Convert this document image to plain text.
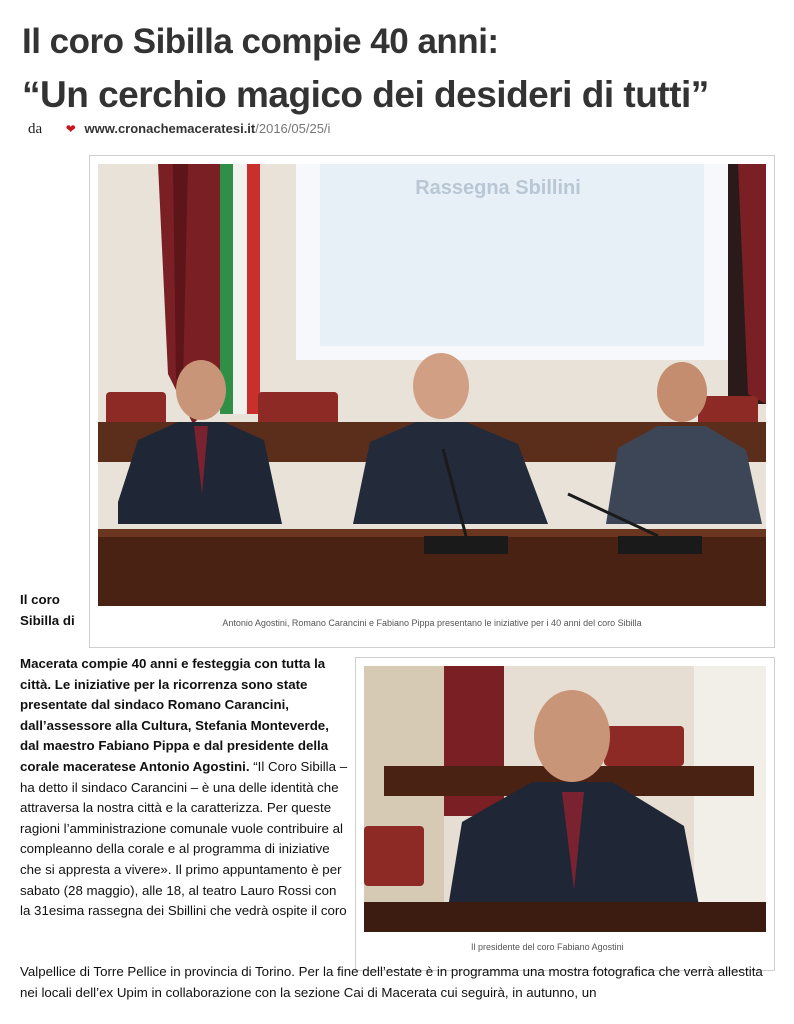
Il coro Sibilla compie 40 anni:
“Un cerchio magico dei desideri di tutti”
da ❤ www.cronachemaceratesi.it/2016/05/25/i
Rassegna Sbillini
Antonio Agostini, Romano Carancini e Fabiano Pippa presentano le iniziative per i 40 anni del coro Sibilla
Il presidente del coro Fabiano Agostini

Il coro Sibilla di

Macerata compie 40 anni e festeggia con tutta la città. Le iniziative per la ricorrenza sono state presentate dal sindaco Romano Carancini, dall’assessore alla Cultura, Stefania Monteverde, dal maestro Fabiano Pippa e dal presidente della corale maceratese Antonio Agostini. “Il Coro Sibilla – ha detto il sindaco Carancini – è una delle identità che attraversa la nostra città e la caratterizza. Per queste ragioni l’amministrazione comunale vuole contribuire al compleanno della corale e al programma di iniziative che si appresta a vivere». Il primo appuntamento è per sabato (28 maggio), alle 18, al teatro Lauro Rossi con la 31esima rassegna dei Sbillini che vedrà ospite il coro

Valpellice di Torre Pellice in provincia di Torino. Per la fine dell’estate è in programma una mostra fotografica che verrà allestita nei locali dell’ex Upim in collaborazione con la sezione Cai di Macerata cui seguirà, in autunno, un
